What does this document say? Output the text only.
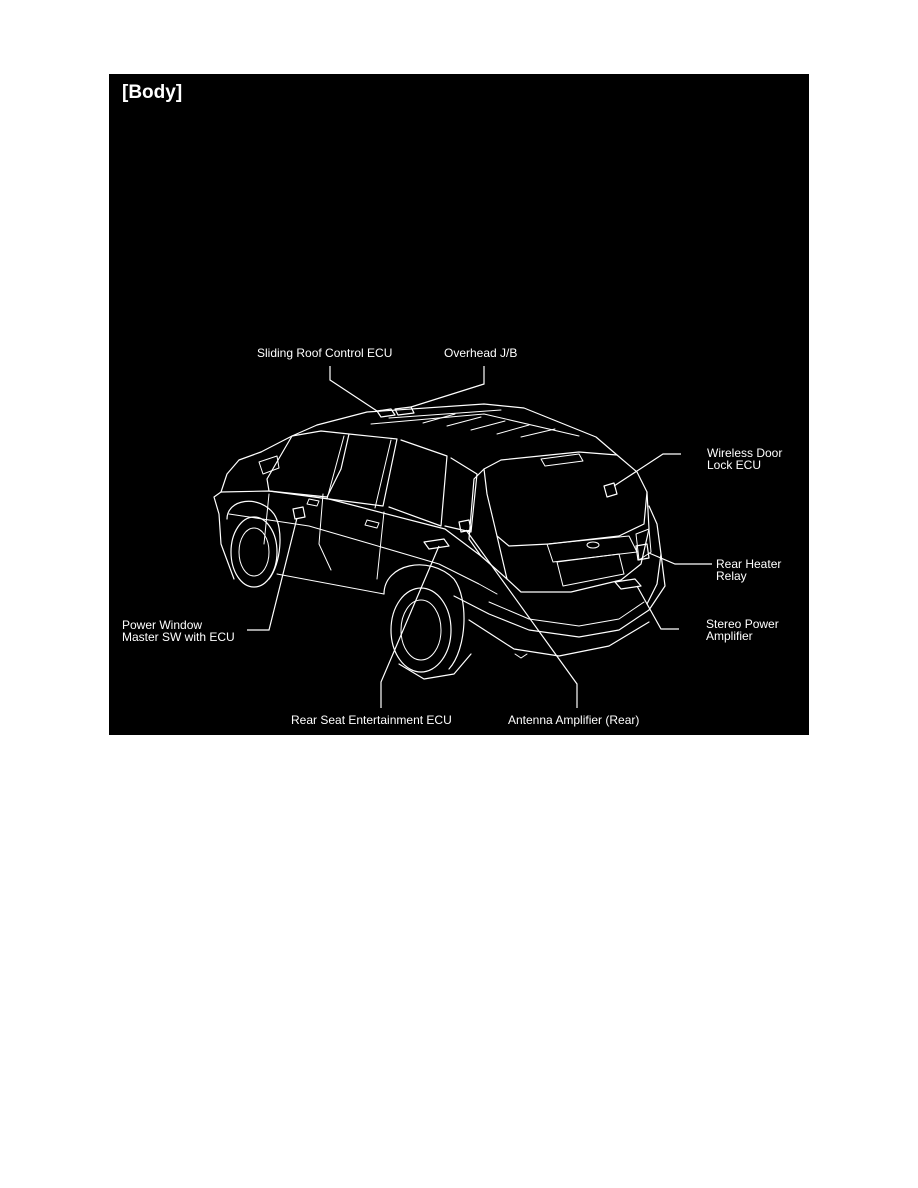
[Body]
Sliding Roof Control ECU	Overhead J/B
Wireless Door
Lock ECU
Rear Heater
Relay
Stereo Power
Amplifier
Power Window
Master SW with ECU
Rear Seat Entertainment ECU	Antenna Amplifier (Rear)
